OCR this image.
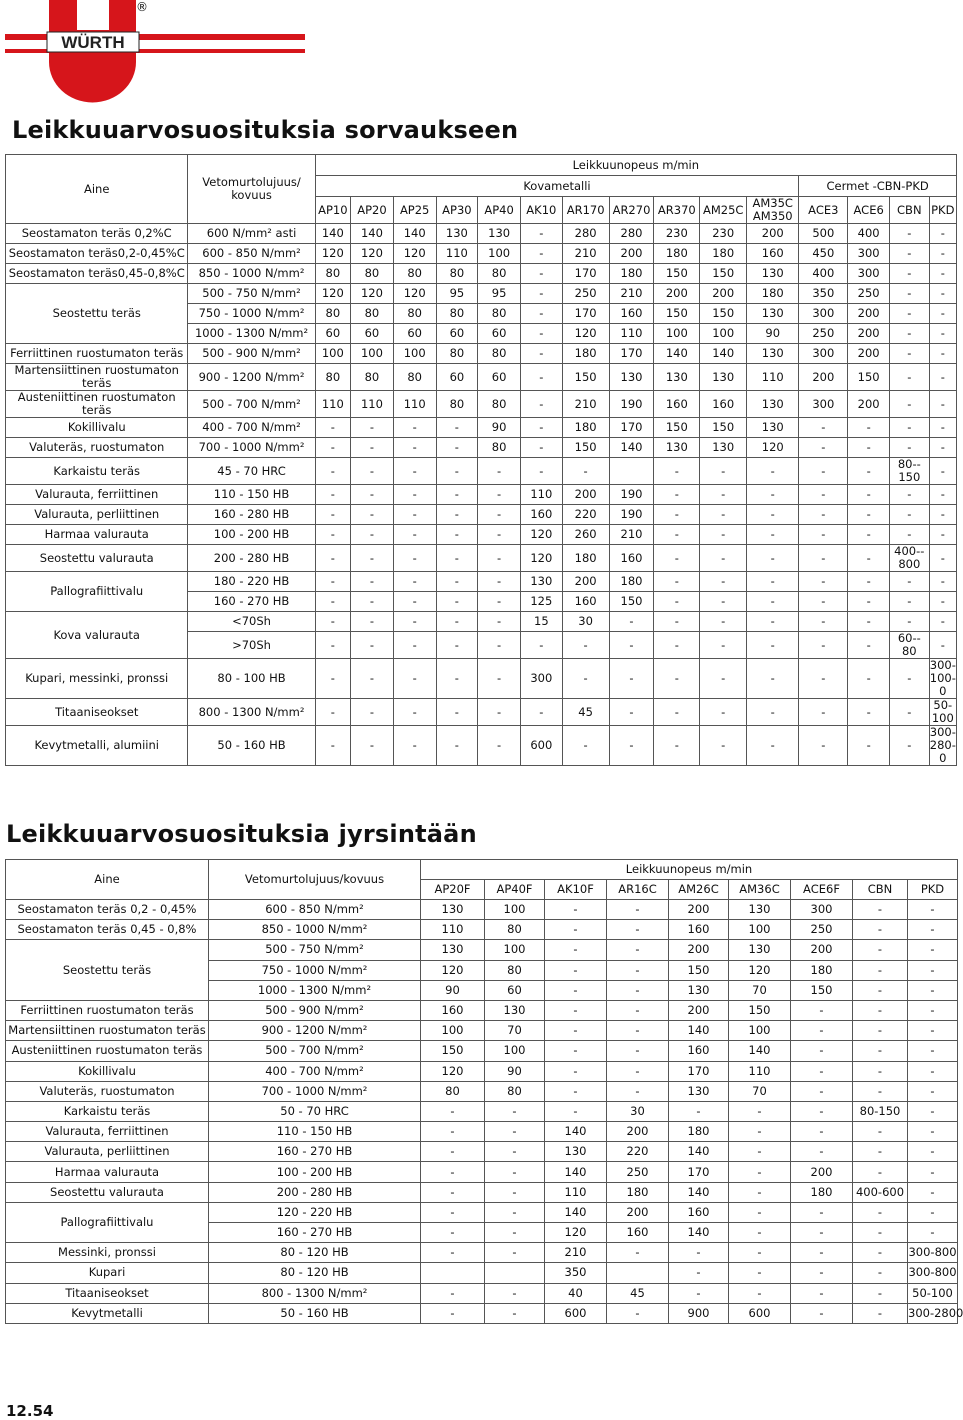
WÜRTH
®
Leikkuuarvosuosituksia sorvaukseen
Aine	Vetomurtolujuus/ kovuus	Leikkuunopeus m/min														
		Kovametalli											Cermet -CBN-PKD			
		AP10	AP20	AP25	AP30	AP40	AK10	AR170	AR270	AR370	AM25C	AM35C AM350	ACE3	ACE6	CBN	PKD
Seostamaton teräs 0,2%C	600 N/mm² asti	140	140	140	130	130	-	280	280	230	230	200	500	400	-	-
Seostamaton teräs0,2-0,45%C	600 - 850 N/mm²	120	120	120	110	100	-	210	200	180	180	160	450	300	-	-
Seostamaton teräs0,45-0,8%C	850 - 1000 N/mm²	80	80	80	80	80	-	170	180	150	150	130	400	300	-	-
Seostettu teräs	500 - 750 N/mm²	120	120	120	95	95	-	250	210	200	200	180	350	250	-	-
	750 - 1000 N/mm²	80	80	80	80	80	-	170	160	150	150	130	300	200	-	-
	1000 - 1300 N/mm²	60	60	60	60	60	-	120	110	100	100	90	250	200	-	-
Ferriittinen ruostumaton teräs	500 - 900 N/mm²	100	100	100	80	80	-	180	170	140	140	130	300	200	-	-
Martensiittinen ruostumaton teräs	900 - 1200 N/mm²	80	80	80	60	60	-	150	130	130	130	110	200	150	-	-
Austeniittinen ruostumaton teräs	500 - 700 N/mm²	110	110	110	80	80	-	210	190	160	160	130	300	200	-	-
Kokillivalu	400 - 700 N/mm²	-	-	-	-	90	-	180	170	150	150	130	-	-	-	-
Valuteräs, ruostumaton	700 - 1000 N/mm²	-	-	-	-	80	-	150	140	130	130	120	-	-	-	-
Karkaistu teräs	45 - 70 HRC	-	-	-	-	-	-	-		-	-	-	-	-	80-- 150	-
Valurauta, ferriittinen	110 - 150 HB	-	-	-	-	-	110	200	190	-	-	-	-	-	-	-
Valurauta, perliittinen	160 - 280 HB	-	-	-	-	-	160	220	190	-	-	-	-	-	-	-
Harmaa valurauta	100 - 200 HB	-	-	-	-	-	120	260	210	-	-	-	-	-	-	-
Seostettu valurauta	200 - 280 HB	-	-	-	-	-	120	180	160	-	-	-	-	-	400-- 800	-
Pallografiittivalu	180 - 220 HB	-	-	-	-	-	130	200	180	-	-	-	-	-	-	-
	160 - 270 HB	-	-	-	-	-	125	160	150	-	-	-	-	-	-	-
Kova valurauta	<70Sh	-	-	-	-	-	15	30	-	-	-	-	-	-	-	-
	>70Sh	-	-	-	-	-	-	-	-	-	-	-	-	-	60-- 80	-
Kupari, messinki, pronssi	80 - 100 HB	-	-	-	-	-	300	-	-	-	-	-	-	-	-	300-100- 0
Titaaniseokset	800 - 1300 N/mm²	-	-	-	-	-	-	45	-	-	-	-	-	-	-	50-100
Kevytmetalli, alumiini	50 - 160 HB	-	-	-	-	-	600	-	-	-	-	-	-	-	-	300-280- 0
Leikkuuarvosuosituksia jyrsintään
Aine	Vetomurtolujuus/kovuus	Leikkuunopeus m/min								
		AP20F	AP40F	AK10F	AR16C	AM26C	AM36C	ACE6F	CBN	PKD
Seostamaton teräs 0,2 - 0,45%	600 - 850 N/mm²	130	100	-	-	200	130	300	-	-
Seostamaton teräs 0,45 - 0,8%	850 - 1000 N/mm²	110	80	-	-	160	100	250	-	-
Seostettu teräs	500 - 750 N/mm²	130	100	-	-	200	130	200	-	-
	750 - 1000 N/mm²	120	80	-	-	150	120	180	-	-
	1000 - 1300 N/mm²	90	60	-	-	130	70	150	-	-
Ferriittinen ruostumaton teräs	500 - 900 N/mm²	160	130	-	-	200	150	-	-	-
Martensiittinen ruostumaton teräs	900 - 1200 N/mm²	100	70	-	-	140	100	-	-	-
Austeniittinen ruostumaton teräs	500 - 700 N/mm²	150	100	-	-	160	140	-	-	-
Kokillivalu	400 - 700 N/mm²	120	90	-	-	170	110	-	-	-
Valuteräs, ruostumaton	700 - 1000 N/mm²	80	80	-	-	130	70	-	-	-
Karkaistu teräs	50 - 70 HRC	-	-	-	30	-	-	-	80-150	-
Valurauta, ferriittinen	110 - 150 HB	-	-	140	200	180	-	-	-	-
Valurauta, perliittinen	160 - 270 HB	-	-	130	220	140	-	-	-	-
Harmaa valurauta	100 - 200 HB	-	-	140	250	170	-	200	-	-
Seostettu valurauta	200 - 280 HB	-	-	110	180	140	-	180	400-600	-
Pallografiittivalu	120 - 220 HB	-	-	140	200	160	-	-	-	-
	160 - 270 HB	-	-	120	160	140	-	-	-	-
Messinki, pronssi	80 - 120 HB	-	-	210	-	-	-	-	-	300-800
Kupari	80 - 120 HB			350		-	-	-	-	300-800
Titaaniseokset	800 - 1300 N/mm²	-	-	40	45	-	-	-	-	50-100
Kevytmetalli	50 - 160 HB	-	-	600	-	900	600	-	-	300-2800
12.54
